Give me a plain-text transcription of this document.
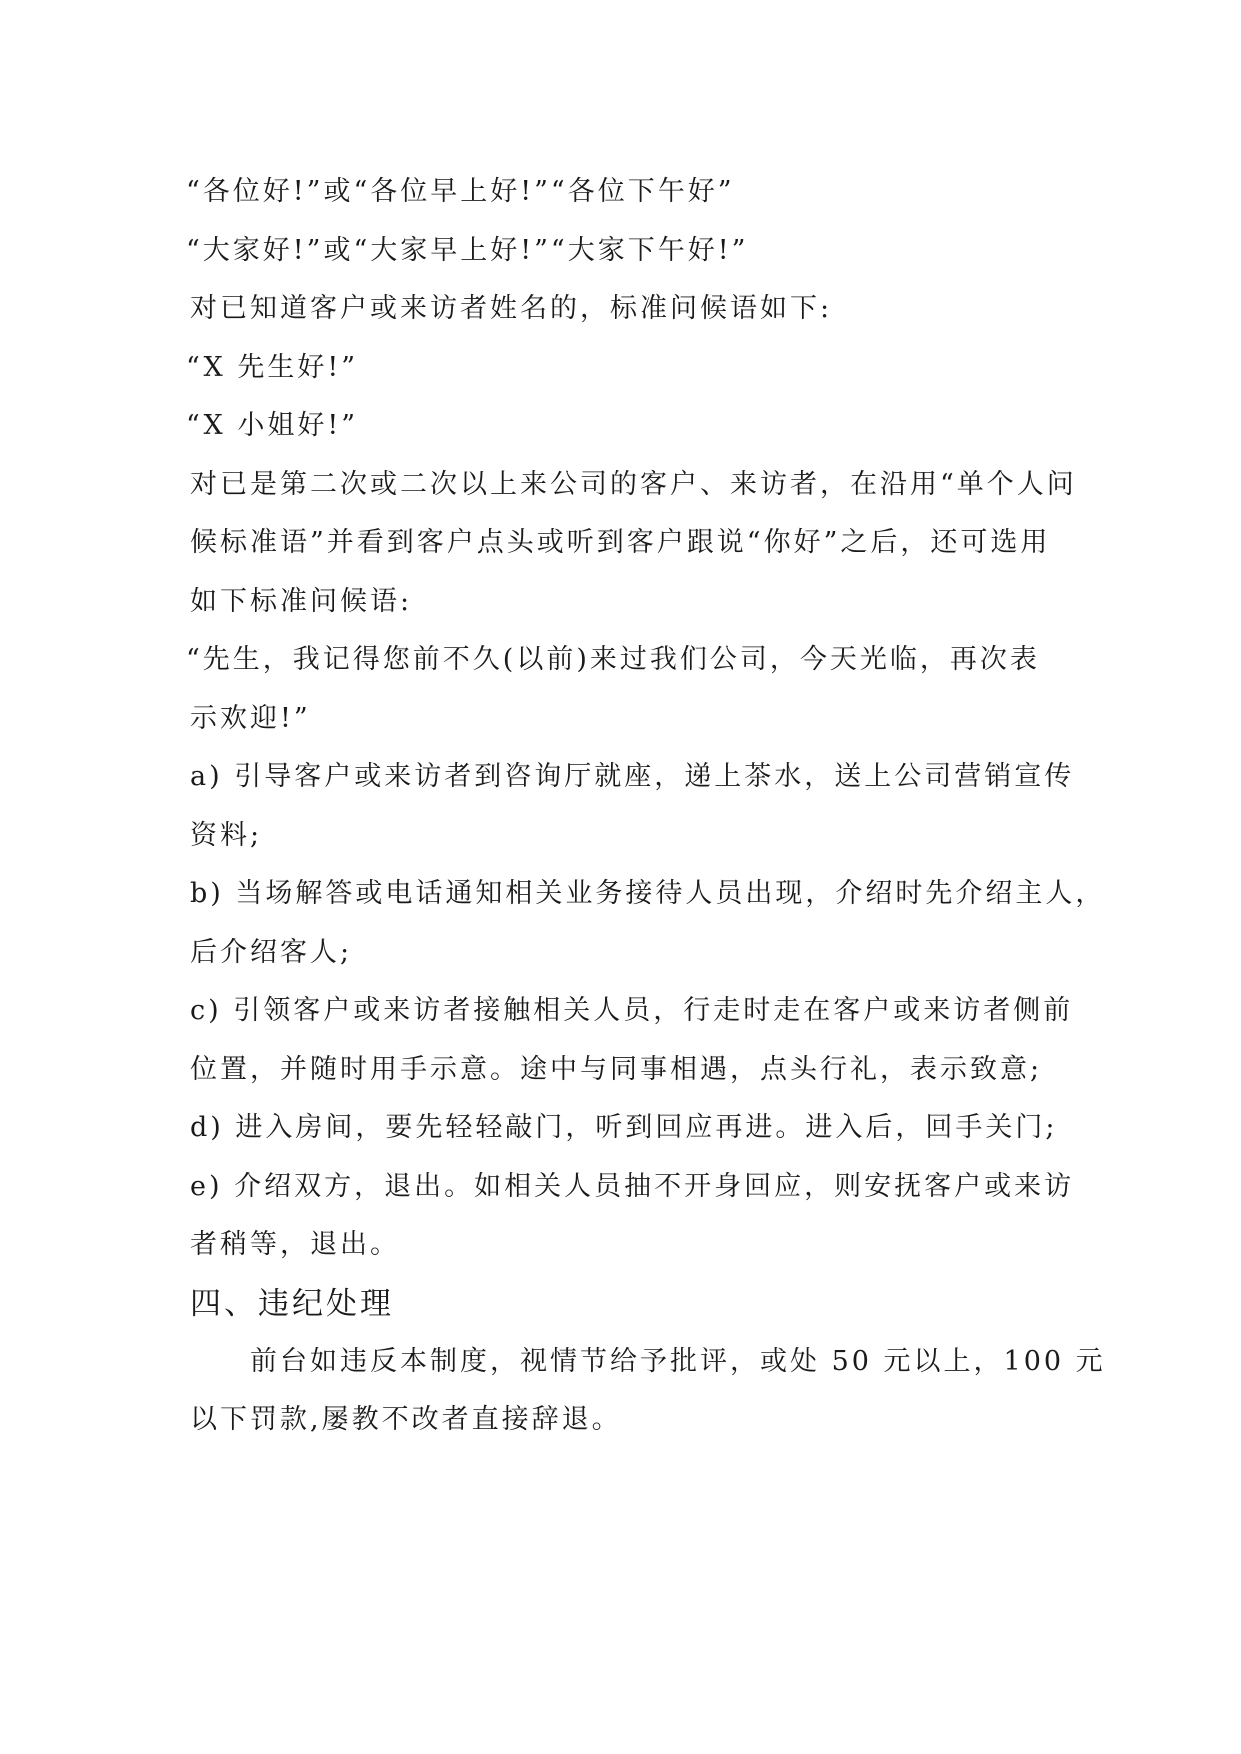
“各位好!”或“各位早上好!”“各位下午好”
“大家好!”或“大家早上好!”“大家下午好!”
对已知道客户或来访者姓名的，标准问候语如下:
“X 先生好!”
“X 小姐好!”
对已是第二次或二次以上来公司的客户、来访者，在沿用“单个人问
候标准语”并看到客户点头或听到客户跟说“你好”之后，还可选用
如下标准问候语:
“先生，我记得您前不久(以前)来过我们公司，今天光临，再次表
示欢迎!”
a) 引导客户或来访者到咨询厅就座，递上茶水，送上公司营销宣传
资料;
b) 当场解答或电话通知相关业务接待人员出现，介绍时先介绍主人，
后介绍客人;
c) 引领客户或来访者接触相关人员，行走时走在客户或来访者侧前
位置，并随时用手示意。途中与同事相遇，点头行礼，表示致意;
d) 进入房间，要先轻轻敲门，听到回应再进。进入后，回手关门;
e) 介绍双方，退出。如相关人员抽不开身回应，则安抚客户或来访
者稍等，退出。
四、违纪处理
前台如违反本制度，视情节给予批评，或处 50 元以上，100 元
以下罚款,屡教不改者直接辞退。
